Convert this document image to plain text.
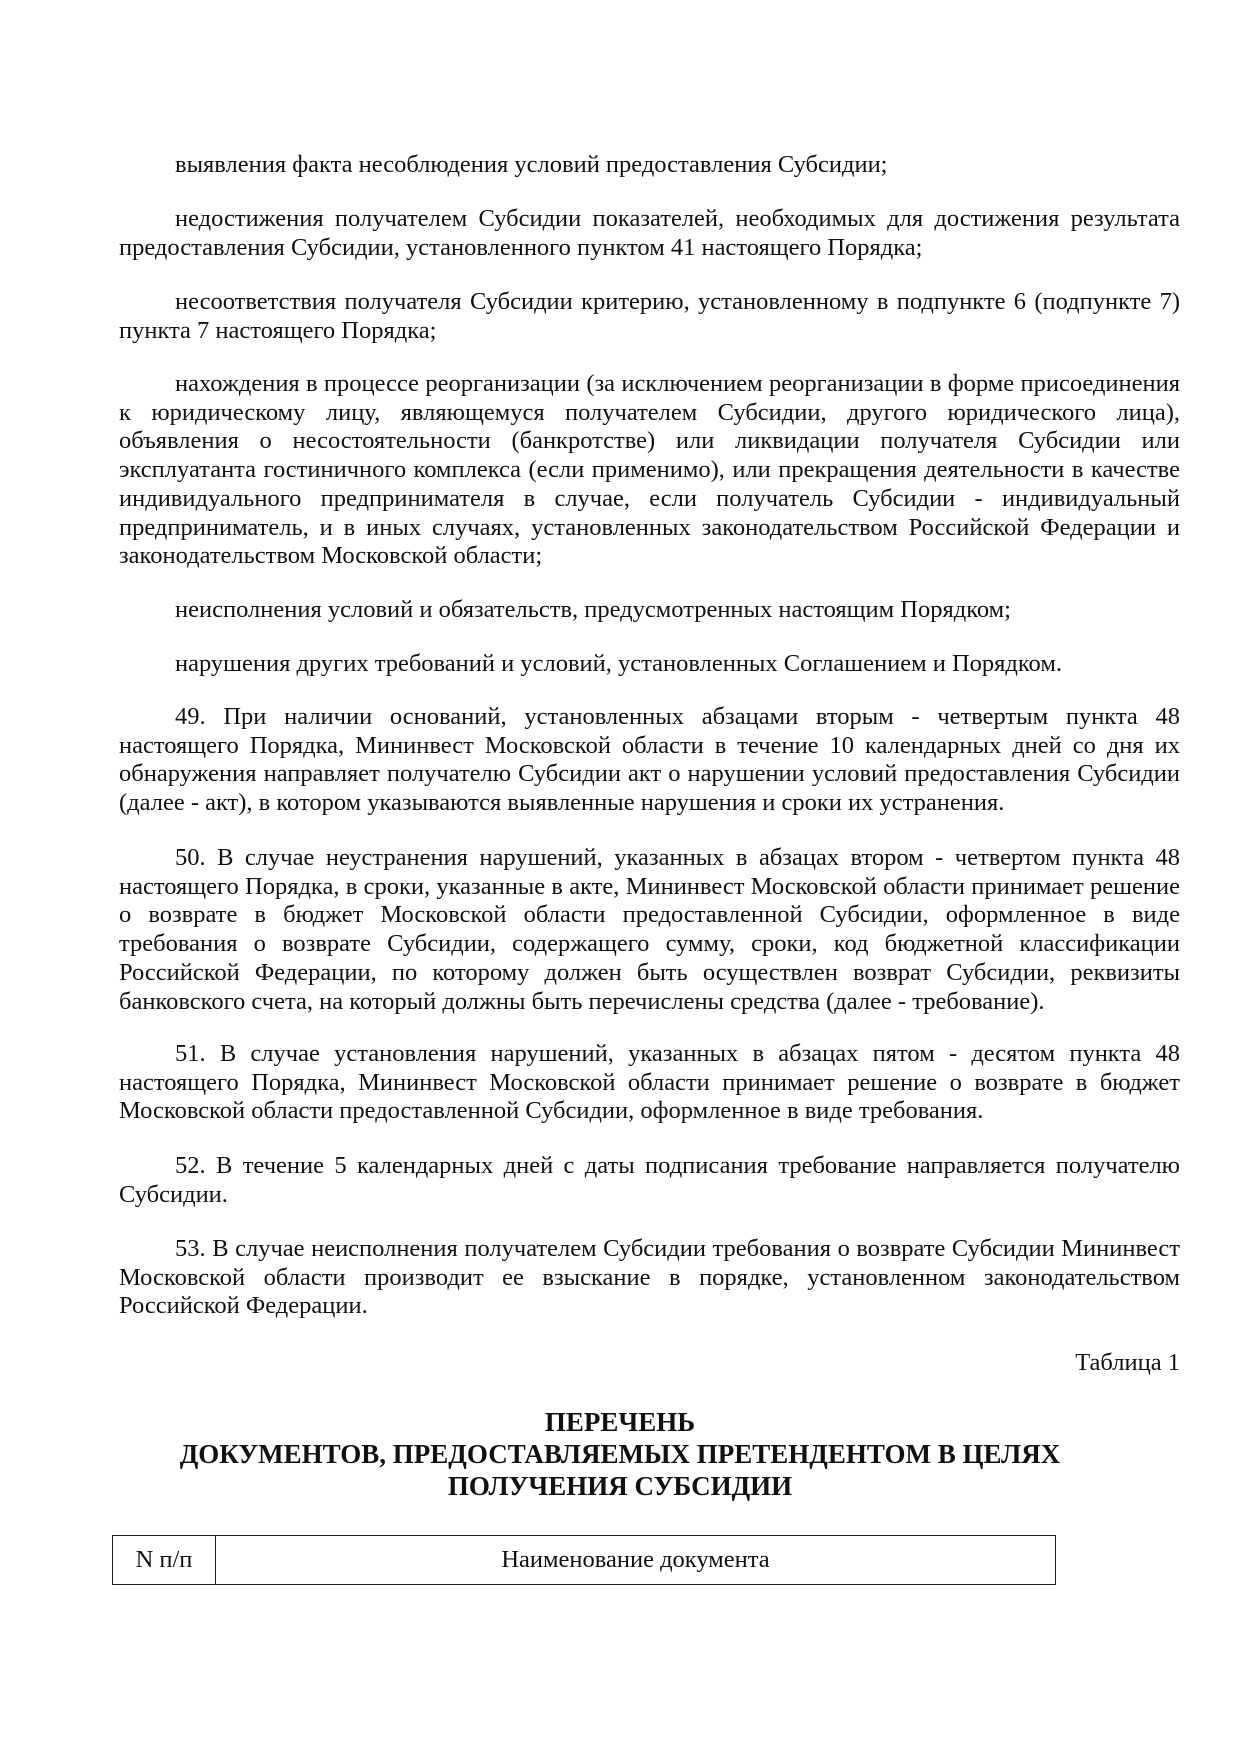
выявления факта несоблюдения условий предоставления Субсидии;

недостижения получателем Субсидии показателей, необходимых для достижения результата предоставления Субсидии, установленного пунктом 41 настоящего Порядка;

несоответствия получателя Субсидии критерию, установленному в подпункте 6 (подпункте 7) пункта 7 настоящего Порядка;

нахождения в процессе реорганизации (за исключением реорганизации в форме присоединения к юридическому лицу, являющемуся получателем Субсидии, другого юридического лица), объявления о несостоятельности (банкротстве) или ликвидации получателя Субсидии или эксплуатанта гостиничного комплекса (если применимо), или прекращения деятельности в качестве индивидуального предпринимателя в случае, если получатель Субсидии - индивидуальный предприниматель, и в иных случаях, установленных законодательством Российской Федерации и законодательством Московской области;

неисполнения условий и обязательств, предусмотренных настоящим Порядком;

нарушения других требований и условий, установленных Соглашением и Порядком.

49. При наличии оснований, установленных абзацами вторым - четвертым пункта 48 настоящего Порядка, Мининвест Московской области в течение 10 календарных дней со дня их обнаружения направляет получателю Субсидии акт о нарушении условий предоставления Субсидии (далее - акт), в котором указываются выявленные нарушения и сроки их устранения.

50. В случае неустранения нарушений, указанных в абзацах втором - четвертом пункта 48 настоящего Порядка, в сроки, указанные в акте, Мининвест Московской области принимает решение о возврате в бюджет Московской области предоставленной Субсидии, оформленное в виде требования о возврате Субсидии, содержащего сумму, сроки, код бюджетной классификации Российской Федерации, по которому должен быть осуществлен возврат Субсидии, реквизиты банковского счета, на который должны быть перечислены средства (далее - требование).

51. В случае установления нарушений, указанных в абзацах пятом - десятом пункта 48 настоящего Порядка, Мининвест Московской области принимает решение о возврате в бюджет Московской области предоставленной Субсидии, оформленное в виде требования.

52. В течение 5 календарных дней с даты подписания требование направляется получателю Субсидии.

53. В случае неисполнения получателем Субсидии требования о возврате Субсидии Мининвест Московской области производит ее взыскание в порядке, установленном законодательством Российской Федерации.

Таблица 1
ПЕРЕЧЕНЬ
ДОКУМЕНТОВ, ПРЕДОСТАВЛЯЕМЫХ ПРЕТЕНДЕНТОМ В ЦЕЛЯХ
ПОЛУЧЕНИЯ СУБСИДИИ
N п/п	Наименование документа
